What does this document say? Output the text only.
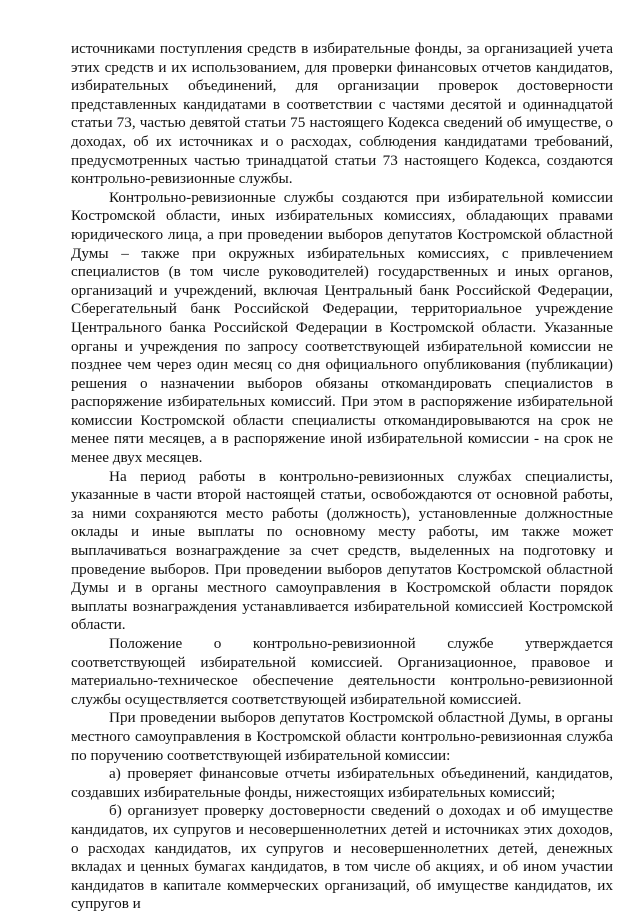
источниками поступления средств в избирательные фонды, за организацией учета этих средств и их использованием, для проверки финансовых отчетов кандидатов, избирательных объединений, для организации проверок достоверности представленных кандидатами в соответствии с частями десятой и одиннадцатой статьи 73, частью девятой статьи 75 настоящего Кодекса сведений об имуществе, о доходах, об их источниках и о расходах, соблюдения кандидатами требований, предусмотренных частью тринадцатой статьи 73 настоящего Кодекса, создаются контрольно-ревизионные службы.

Контрольно-ревизионные службы создаются при избирательной комиссии Костромской области, иных избирательных комиссиях, обладающих правами юридического лица, а при проведении выборов депутатов Костромской областной Думы – также при окружных избирательных комиссиях, с привлечением специалистов (в том числе руководителей) государственных и иных органов, организаций и учреждений, включая Центральный банк Российской Федерации, Сберегательный банк Российской Федерации, территориальное учреждение Центрального банка Российской Федерации в Костромской области. Указанные органы и учреждения по запросу соответствующей избирательной комиссии не позднее чем через один месяц со дня официального опубликования (публикации) решения о назначении выборов обязаны откомандировать специалистов в распоряжение избирательных комиссий. При этом в распоряжение избирательной комиссии Костромской области специалисты откомандировываются на срок не менее пяти месяцев, а в распоряжение иной избирательной комиссии - на срок не менее двух месяцев.

На период работы в контрольно-ревизионных службах специалисты, указанные в части второй настоящей статьи, освобождаются от основной работы, за ними сохраняются место работы (должность), установленные должностные оклады и иные выплаты по основному месту работы, им также может выплачиваться вознаграждение за счет средств, выделенных на подготовку и проведение выборов. При проведении выборов депутатов Костромской областной Думы и в органы местного самоуправления в Костромской области порядок выплаты вознаграждения устанавливается избирательной комиссией Костромской области.

Положение о контрольно-ревизионной службе утверждается соответствующей избирательной комиссией. Организационное, правовое и материально-техническое обеспечение деятельности контрольно-ревизионной службы осуществляется соответствующей избирательной комиссией.

При проведении выборов депутатов Костромской областной Думы, в органы местного самоуправления в Костромской области контрольно-ревизионная служба по поручению соответствующей избирательной комиссии:

а) проверяет финансовые отчеты избирательных объединений, кандидатов, создавших избирательные фонды, нижестоящих избирательных комиссий;

б) организует проверку достоверности сведений о доходах и об имуществе кандидатов, их супругов и несовершеннолетних детей и источниках этих доходов, о расходах кандидатов, их супругов и несовершеннолетних детей, денежных вкладах и ценных бумагах кандидатов, в том числе об акциях, и об ином участии кандидатов в капитале коммерческих организаций, об имуществе кандидатов, их супругов и
